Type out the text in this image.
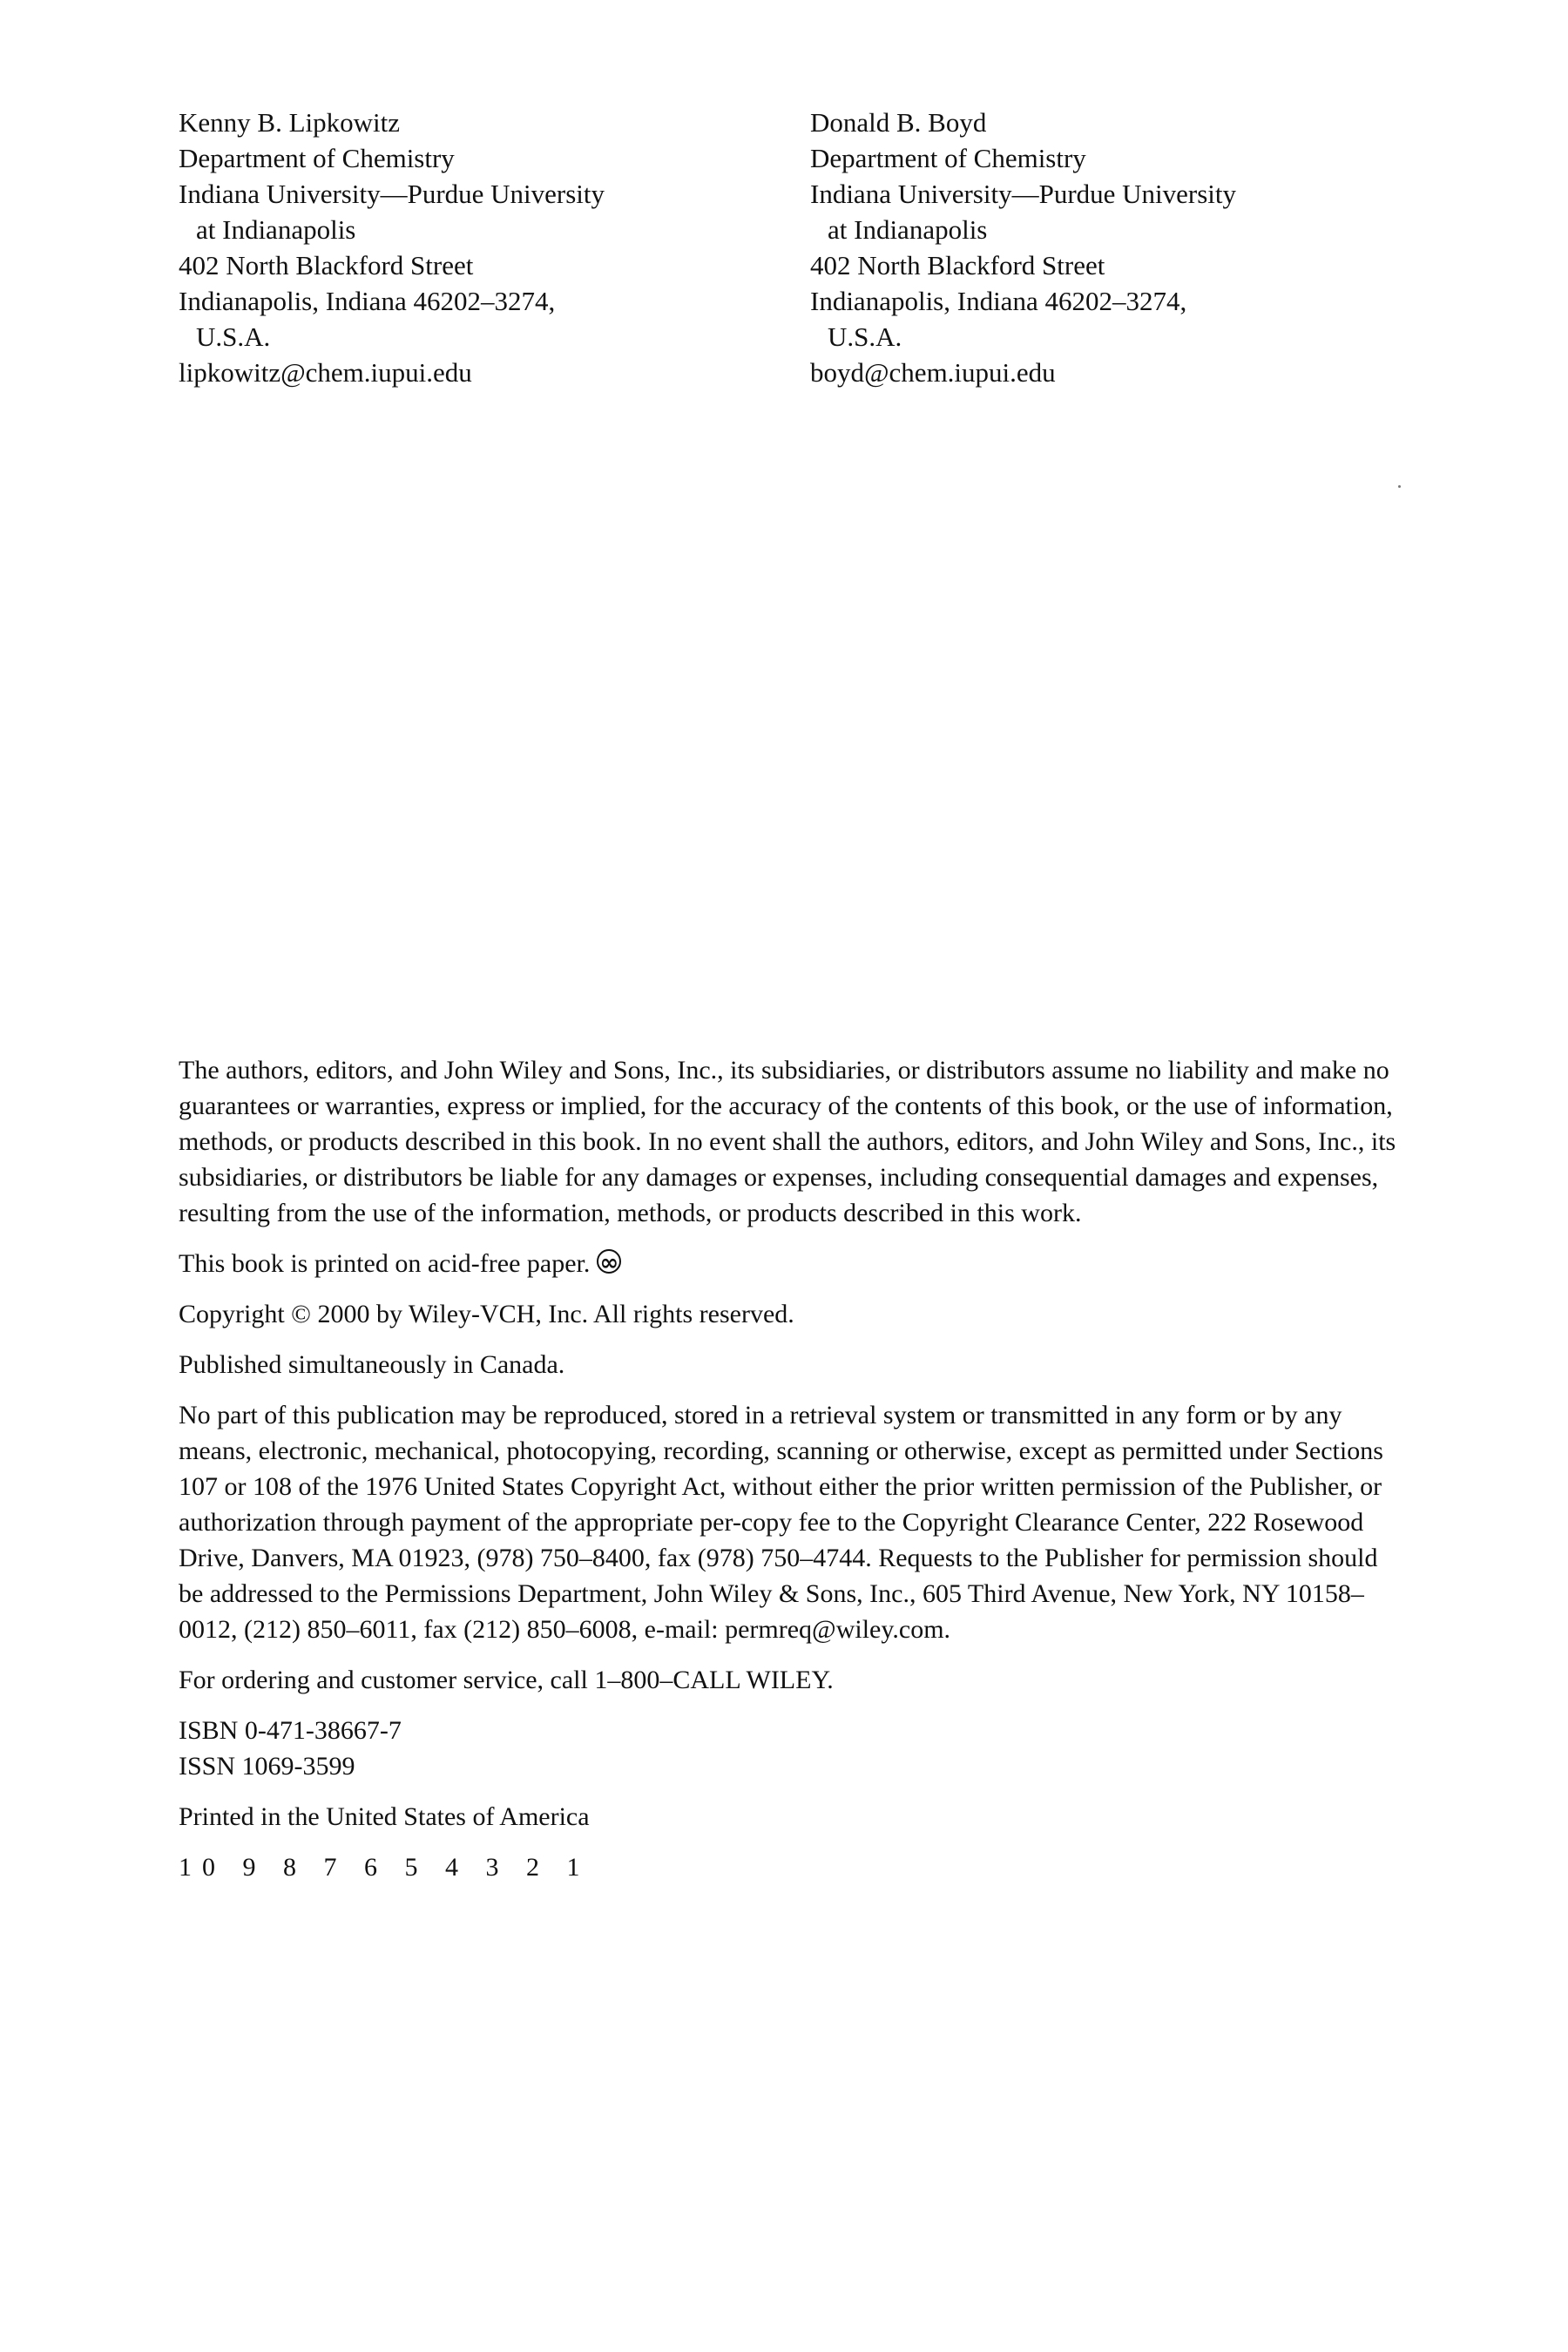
Kenny B. Lipkowitz
Department of Chemistry
Indiana University—Purdue University
at Indianapolis
402 North Blackford Street
Indianapolis, Indiana 46202–3274,
U.S.A.
lipkowitz@chem.iupui.edu
Donald B. Boyd
Department of Chemistry
Indiana University—Purdue University
at Indianapolis
402 North Blackford Street
Indianapolis, Indiana 46202–3274,
U.S.A.
boyd@chem.iupui.edu

The authors, editors, and John Wiley and Sons, Inc., its subsidiaries, or distributors assume no liability and make no guarantees or warranties, express or implied, for the accuracy of the contents of this book, or the use of information, methods, or products described in this book. In no event shall the authors, editors, and John Wiley and Sons, Inc., its subsidiaries, or distributors be liable for any damages or expenses, including consequential damages and expenses, resulting from the use of the information, methods, or products described in this work.

This book is printed on acid-free paper.∞

Copyright © 2000 by Wiley-VCH, Inc. All rights reserved.

Published simultaneously in Canada.

No part of this publication may be reproduced, stored in a retrieval system or transmitted in any form or by any means, electronic, mechanical, photocopying, recording, scanning or otherwise, except as permitted under Sections 107 or 108 of the 1976 United States Copyright Act, without either the prior written permission of the Publisher, or authorization through payment of the appropriate per-copy fee to the Copyright Clearance Center, 222 Rosewood Drive, Danvers, MA 01923, (978) 750–8400, fax (978) 750–4744. Requests to the Publisher for permission should be addressed to the Permissions Department, John Wiley & Sons, Inc., 605 Third Avenue, New York, NY 10158–0012, (212) 850–6011, fax (212) 850–6008, e-mail: permreq@wiley.com.

For ordering and customer service, call 1–800–CALL WILEY.

ISBN 0-471-38667-7

ISSN 1069-3599

Printed in the United States of America

10 9 8 7 6 5 4 3 2 1
